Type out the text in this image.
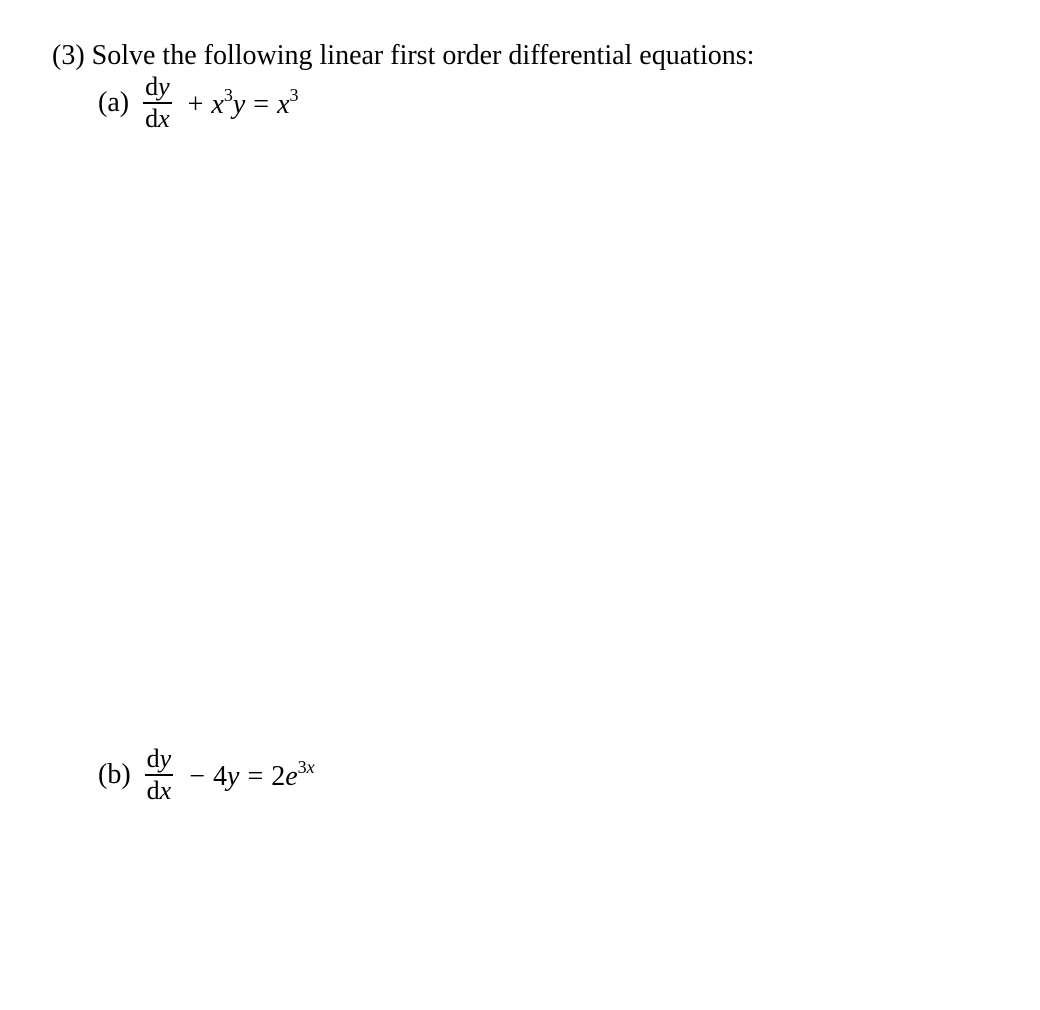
(3) Solve the following linear first order differential equations:
$(a) \frac{dy}{dx} + x^3y = x^3$
$(b) \frac{dy}{dx} - 4y = 2e^{3x}$
